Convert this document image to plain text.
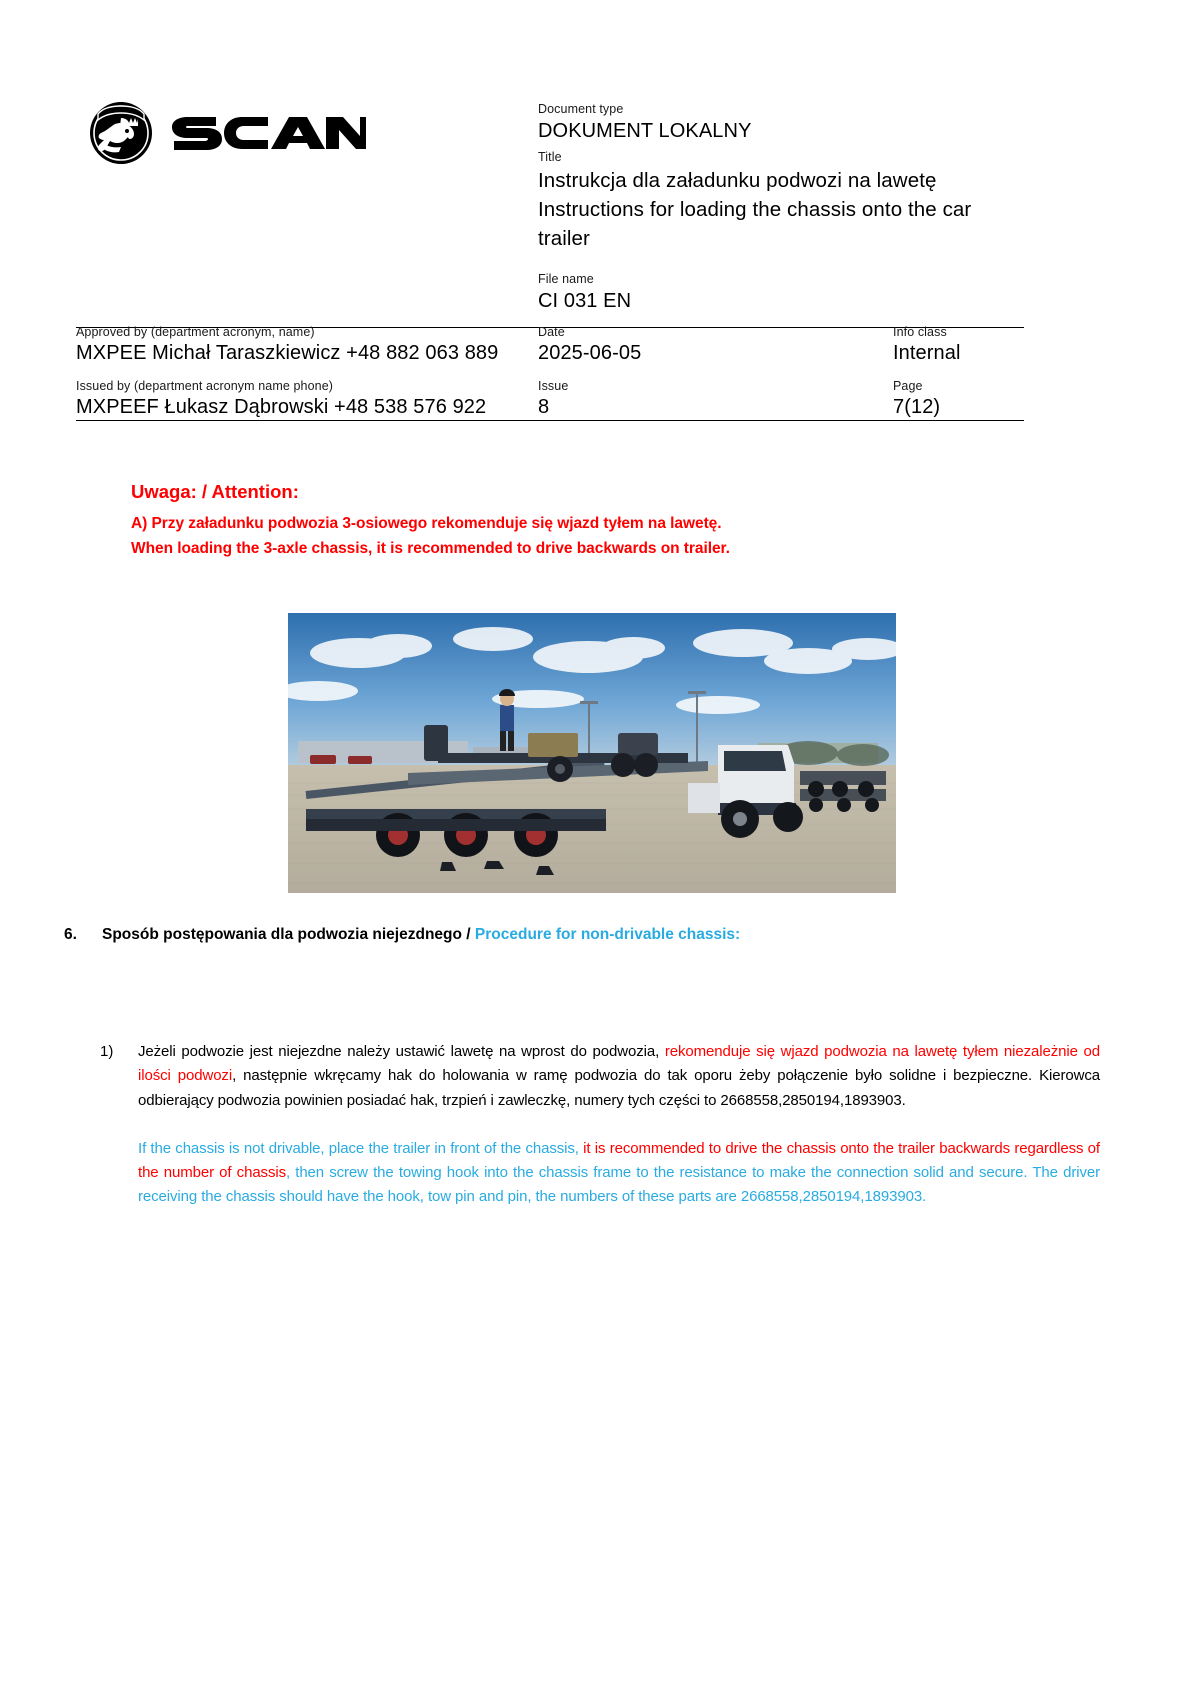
Document type
DOKUMENT LOKALNY
Title
Instrukcja dla załadunku podwozi na lawetę
Instructions for loading the chassis onto the car
trailer
File name
CI 031 EN
Approved by (department acronym, name)
MXPEE Michał Taraszkiewicz +48 882 063 889
Date
2025-06-05
Info class
Internal
Issued by (department acronym name phone)
MXPEEF Łukasz Dąbrowski +48 538 576 922
Issue
8
Page
7(12)
Uwaga: / Attention:
A) Przy załadunku podwozia 3-osiowego rekomenduje się wjazd tyłem na lawetę.
When loading the 3-axle chassis, it is recommended to drive backwards on trailer.
6. Sposób postępowania dla podwozia niejezdnego / Procedure for non-drivable chassis:
1) Jeżeli podwozie jest niejezdne należy ustawić lawetę na wprost do podwozia, rekomenduje się wjazd podwozia na lawetę tyłem niezależnie od ilości podwozi, następnie wkręcamy hak do holowania w ramę podwozia do tak oporu żeby połączenie było solidne i bezpieczne. Kierowca odbierający podwozia powinien posiadać hak, trzpień i zawleczkę, numery tych części to 2668558,2850194,1893903.
If the chassis is not drivable, place the trailer in front of the chassis, it is recommended to drive the chassis onto the trailer backwards regardless of the number of chassis, then screw the towing hook into the chassis frame to the resistance to make the connection solid and secure. The driver receiving the chassis should have the hook, tow pin and pin, the numbers of these parts are 2668558,2850194,1893903.
